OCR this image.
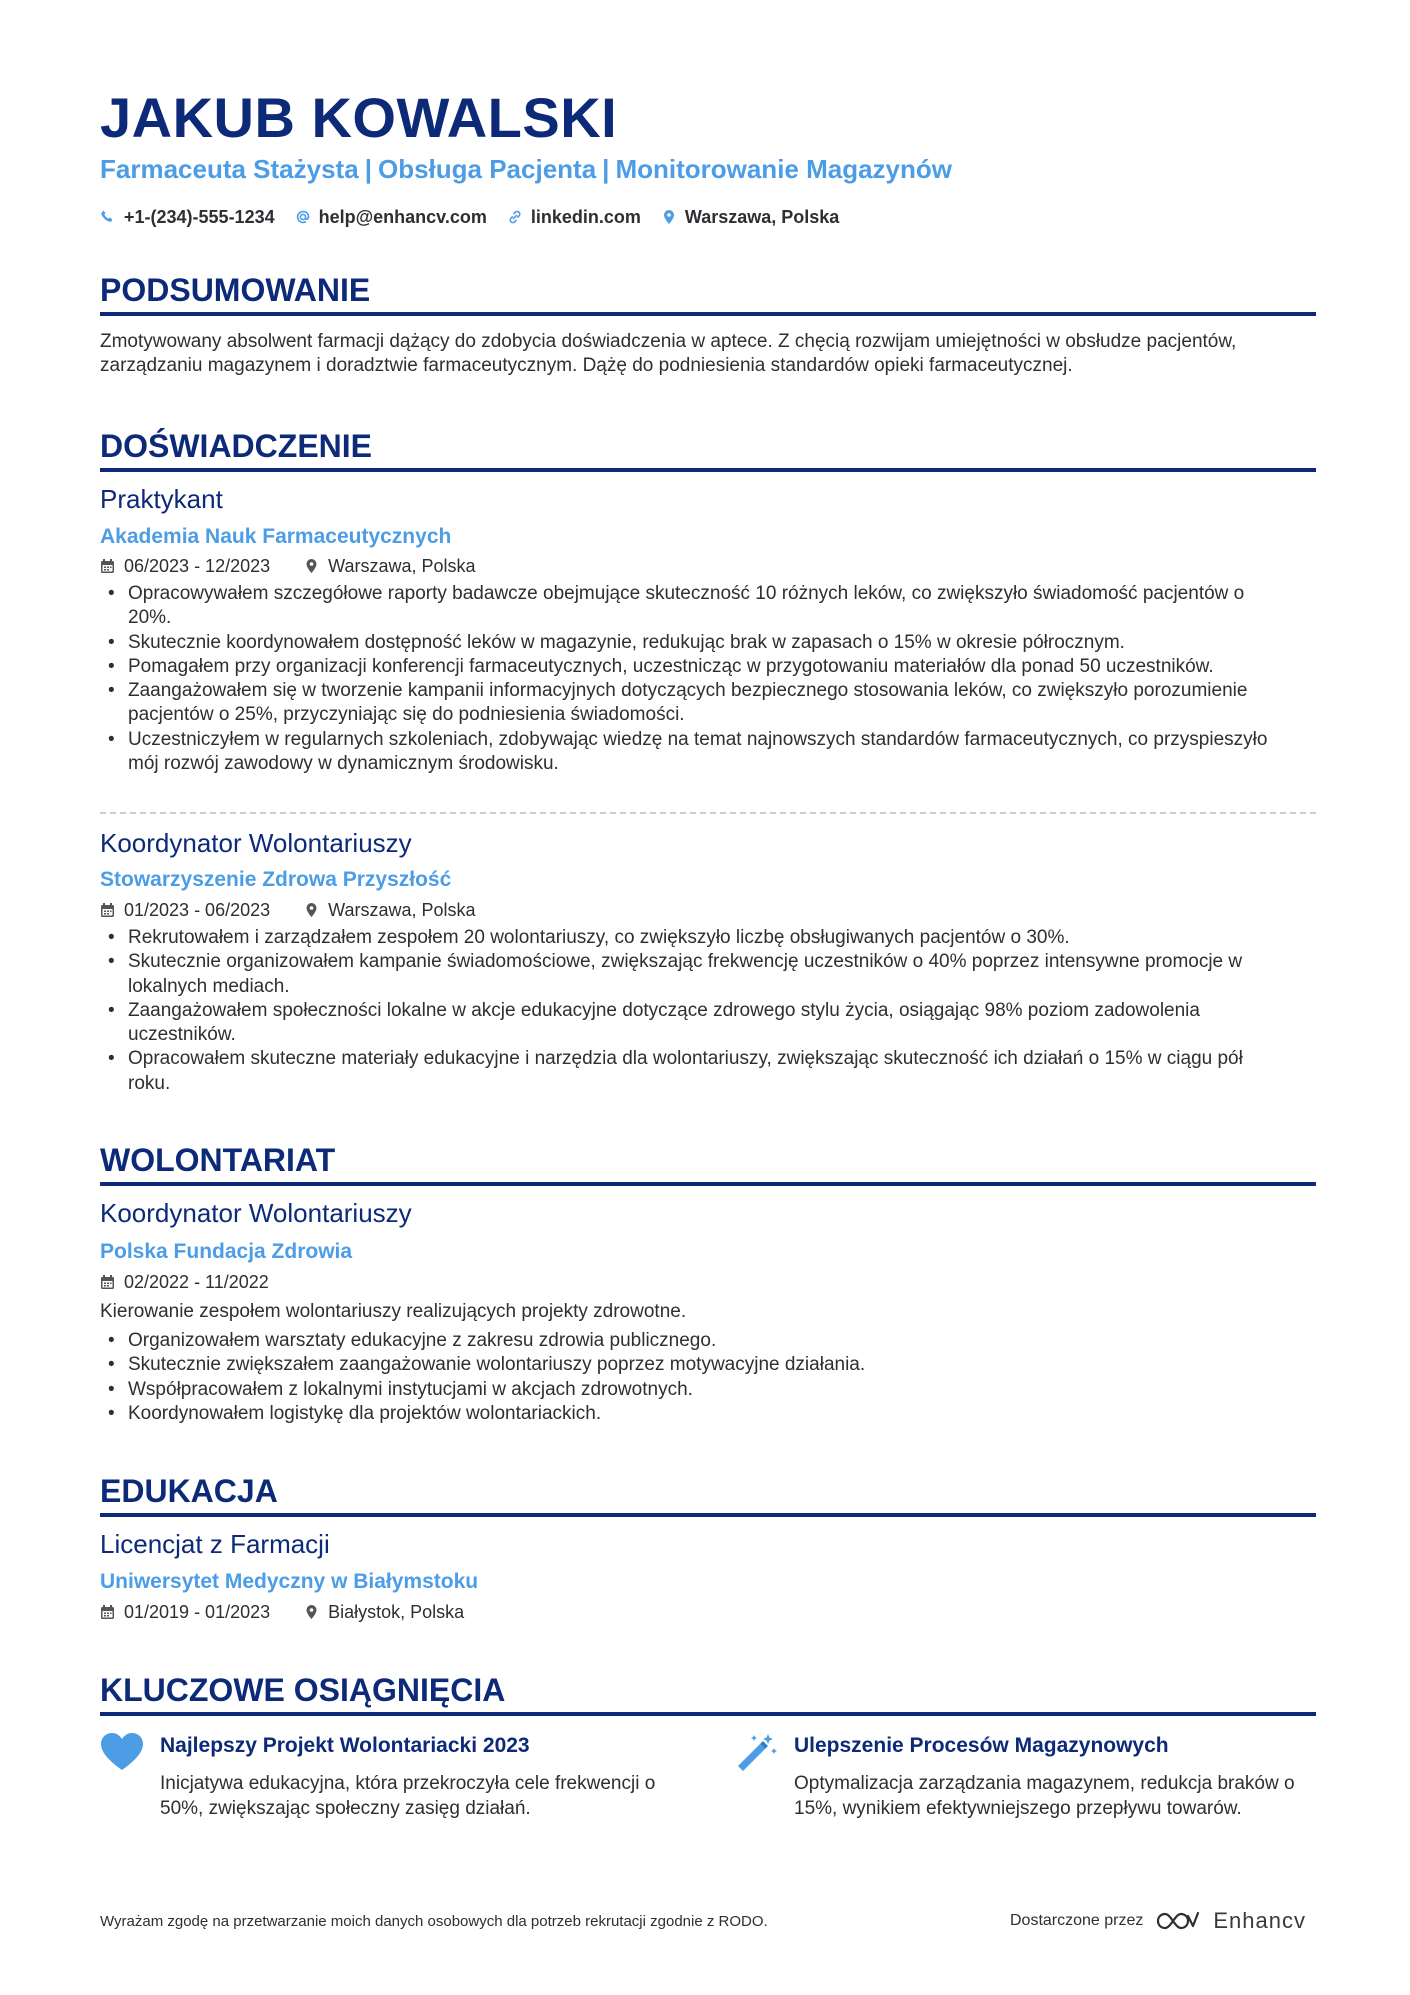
JAKUB KOWALSKI
Farmaceuta Stażysta | Obsługa Pacjenta | Monitorowanie Magazynów
+1-(234)-555-1234 help@enhancv.com linkedin.com Warszawa, Polska
PODSUMOWANIE
Zmotywowany absolwent farmacji dążący do zdobycia doświadczenia w aptece. Z chęcią rozwijam umiejętności w obsłudze pacjentów, zarządzaniu magazynem i doradztwie farmaceutycznym. Dążę do podniesienia standardów opieki farmaceutycznej.
DOŚWIADCZENIE
Praktykant
Akademia Nauk Farmaceutycznych
06/2023 - 12/2023	Warszawa, Polska
• Opracowywałem szczegółowe raporty badawcze obejmujące skuteczność 10 różnych leków, co zwiększyło świadomość pacjentów o 20%.
• Skutecznie koordynowałem dostępność leków w magazynie, redukując brak w zapasach o 15% w okresie półrocznym.
• Pomagałem przy organizacji konferencji farmaceutycznych, uczestnicząc w przygotowaniu materiałów dla ponad 50 uczestników.
• Zaangażowałem się w tworzenie kampanii informacyjnych dotyczących bezpiecznego stosowania leków, co zwiększyło porozumienie pacjentów o 25%, przyczyniając się do podniesienia świadomości.
• Uczestniczyłem w regularnych szkoleniach, zdobywając wiedzę na temat najnowszych standardów farmaceutycznych, co przyspieszyło mój rozwój zawodowy w dynamicznym środowisku.
Koordynator Wolontariuszy
Stowarzyszenie Zdrowa Przyszłość
01/2023 - 06/2023	Warszawa, Polska
• Rekrutowałem i zarządzałem zespołem 20 wolontariuszy, co zwiększyło liczbę obsługiwanych pacjentów o 30%.
• Skutecznie organizowałem kampanie świadomościowe, zwiększając frekwencję uczestników o 40% poprzez intensywne promocje w lokalnych mediach.
• Zaangażowałem społeczności lokalne w akcje edukacyjne dotyczące zdrowego stylu życia, osiągając 98% poziom zadowolenia uczestników.
• Opracowałem skuteczne materiały edukacyjne i narzędzia dla wolontariuszy, zwiększając skuteczność ich działań o 15% w ciągu pół roku.
WOLONTARIAT
Koordynator Wolontariuszy
Polska Fundacja Zdrowia
02/2022 - 11/2022
Kierowanie zespołem wolontariuszy realizujących projekty zdrowotne.
• Organizowałem warsztaty edukacyjne z zakresu zdrowia publicznego.
• Skutecznie zwiększałem zaangażowanie wolontariuszy poprzez motywacyjne działania.
• Współpracowałem z lokalnymi instytucjami w akcjach zdrowotnych.
• Koordynowałem logistykę dla projektów wolontariackich.
EDUKACJA
Licencjat z Farmacji
Uniwersytet Medyczny w Białymstoku
01/2019 - 01/2023	Białystok, Polska
KLUCZOWE OSIĄGNIĘCIA
Najlepszy Projekt Wolontariacki 2023
Inicjatywa edukacyjna, która przekroczyła cele frekwencji o 50%, zwiększając społeczny zasięg działań.
Ulepszenie Procesów Magazynowych
Optymalizacja zarządzania magazynem, redukcja braków o 15%, wynikiem efektywniejszego przepływu towarów.
Wyrażam zgodę na przetwarzanie moich danych osobowych dla potrzeb rekrutacji zgodnie z RODO.	Dostarczone przez	Enhancv
